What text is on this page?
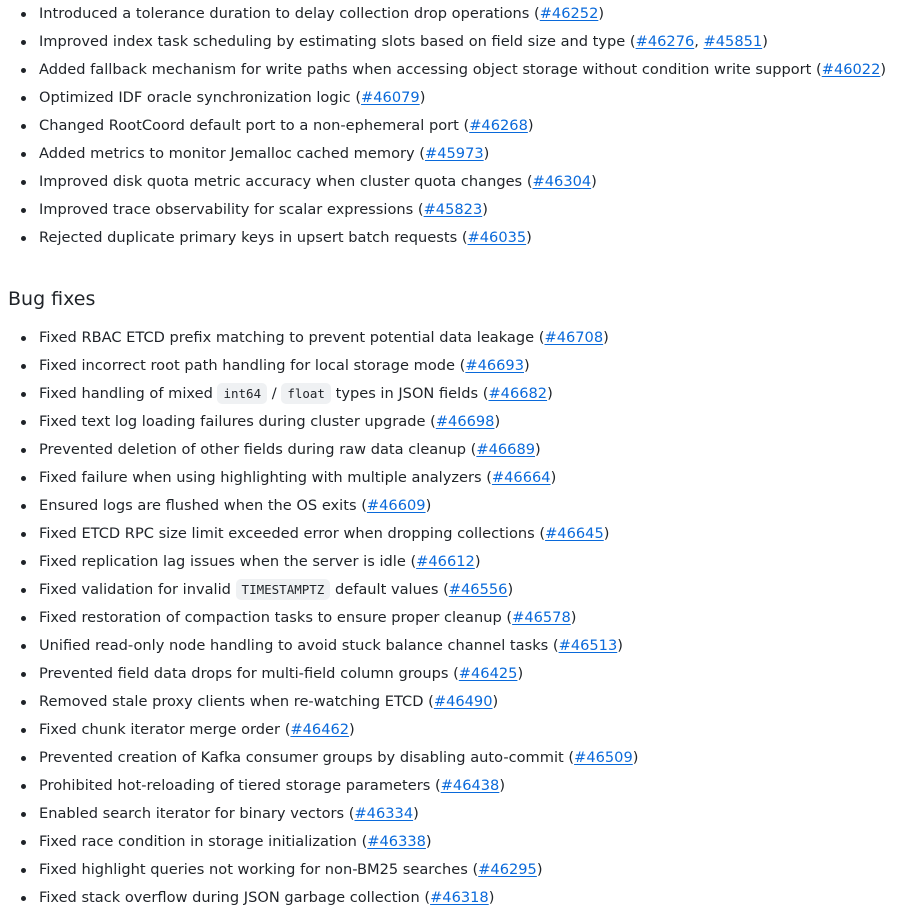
Introduced a tolerance duration to delay collection drop operations (#46252)
Improved index task scheduling by estimating slots based on field size and type (#46276, #45851)
Added fallback mechanism for write paths when accessing object storage without condition write support (#46022)
Optimized IDF oracle synchronization logic (#46079)
Changed RootCoord default port to a non-ephemeral port (#46268)
Added metrics to monitor Jemalloc cached memory (#45973)
Improved disk quota metric accuracy when cluster quota changes (#46304)
Improved trace observability for scalar expressions (#45823)
Rejected duplicate primary keys in upsert batch requests (#46035)
Bug fixes
Fixed RBAC ETCD prefix matching to prevent potential data leakage (#46708)
Fixed incorrect root path handling for local storage mode (#46693)
Fixed handling of mixed int64 / float types in JSON fields (#46682)
Fixed text log loading failures during cluster upgrade (#46698)
Prevented deletion of other fields during raw data cleanup (#46689)
Fixed failure when using highlighting with multiple analyzers (#46664)
Ensured logs are flushed when the OS exits (#46609)
Fixed ETCD RPC size limit exceeded error when dropping collections (#46645)
Fixed replication lag issues when the server is idle (#46612)
Fixed validation for invalid TIMESTAMPTZ default values (#46556)
Fixed restoration of compaction tasks to ensure proper cleanup (#46578)
Unified read-only node handling to avoid stuck balance channel tasks (#46513)
Prevented field data drops for multi-field column groups (#46425)
Removed stale proxy clients when re-watching ETCD (#46490)
Fixed chunk iterator merge order (#46462)
Prevented creation of Kafka consumer groups by disabling auto-commit (#46509)
Prohibited hot-reloading of tiered storage parameters (#46438)
Enabled search iterator for binary vectors (#46334)
Fixed race condition in storage initialization (#46338)
Fixed highlight queries not working for non-BM25 searches (#46295)
Fixed stack overflow during JSON garbage collection (#46318)
